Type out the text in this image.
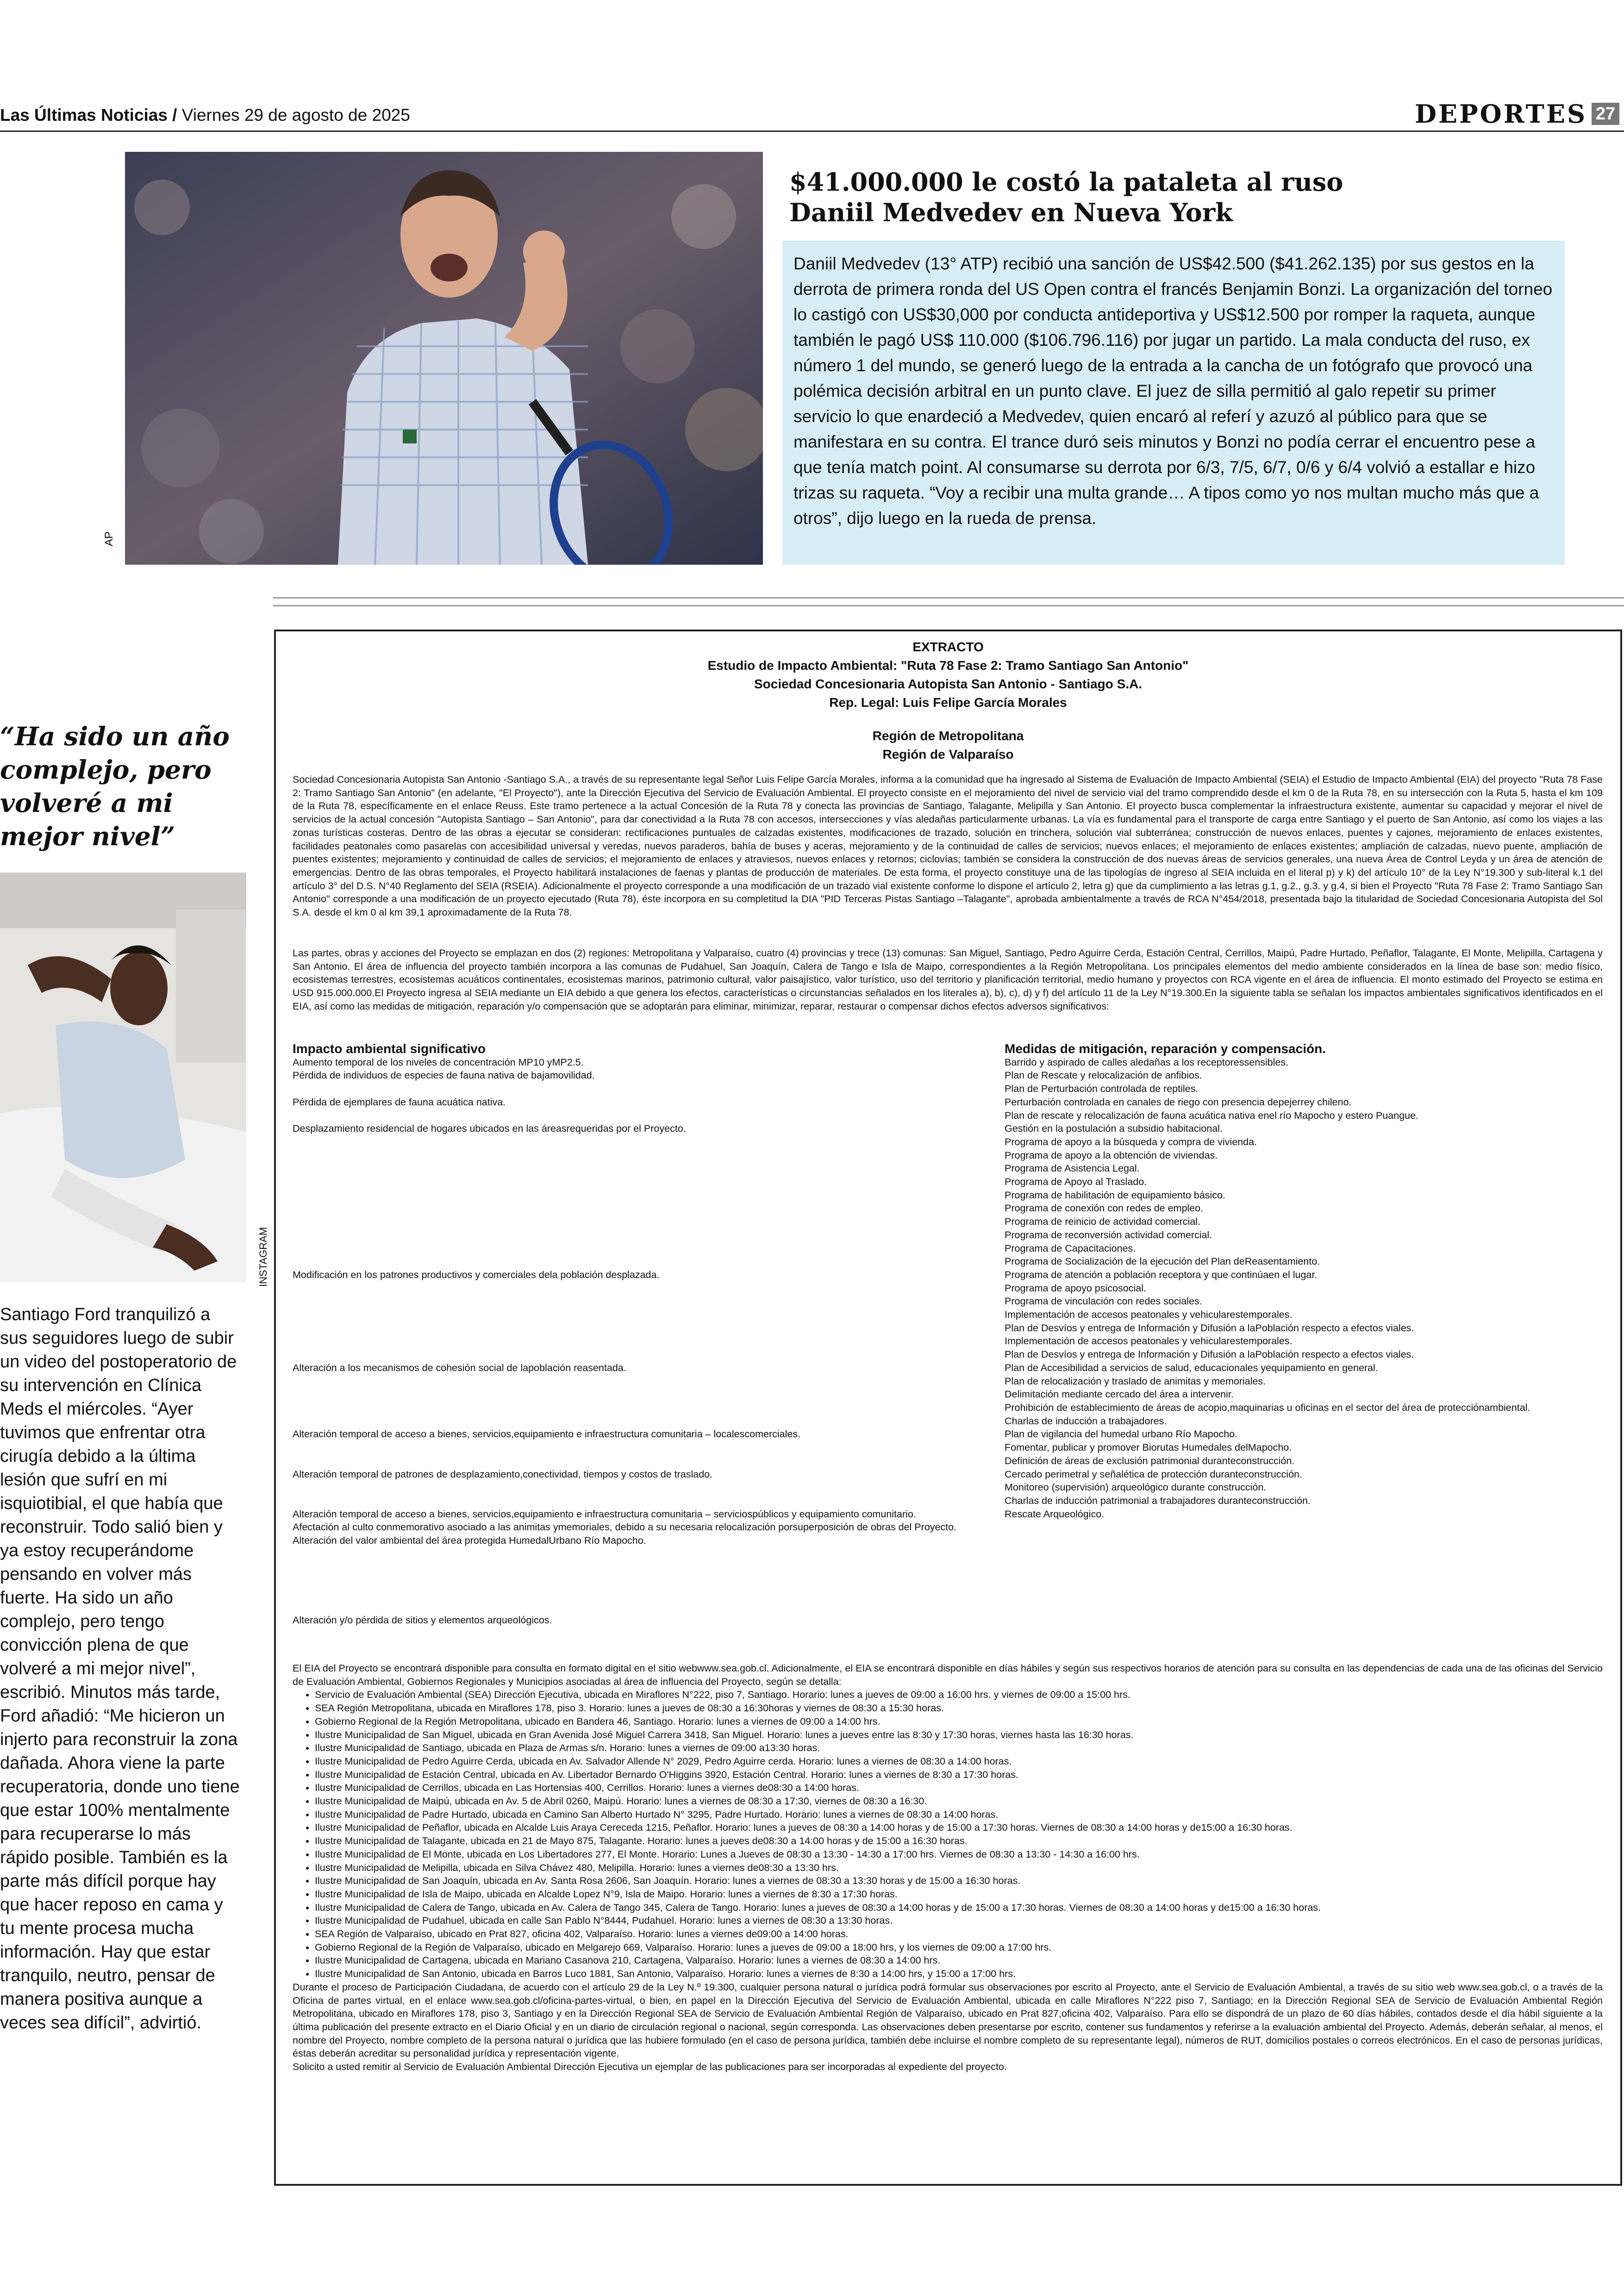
Las Últimas Noticias / Viernes 29 de agosto de 2025	DEPORTES 27
AP
$41.000.000 le costó la pataleta al ruso
Daniil Medvedev en Nueva York

Daniil Medvedev (13° ATP) recibió una sanción de US$42.500 ($41.262.135) por sus gestos en la derrota de primera ronda del US Open contra el francés Benjamin Bonzi. La organización del torneo lo castigó con US$30,000 por conducta antideportiva y US$12.500 por romper la raqueta, aunque también le pagó US$ 110.000 ($106.796.116) por jugar un partido. La mala conducta del ruso, ex número 1 del mundo, se generó luego de la entrada a la cancha de un fotógrafo que provocó una polémica decisión arbitral en un punto clave. El juez de silla permitió al galo repetir su primer servicio lo que enardeció a Medvedev, quien encaró al referí y azuzó al público para que se manifestara en su contra. El trance duró seis minutos y Bonzi no podía cerrar el encuentro pese a que tenía match point. Al consumarse su derrota por 6/3, 7/5, 6/7, 0/6 y 6/4 volvió a estallar e hizo trizas su raqueta. “Voy a recibir una multa grande… A tipos como yo nos multan mucho más que a otros”, dijo luego en la rueda de prensa.

“Ha sido un año complejo, pero volveré a mi mejor nivel”
INSTAGRAM
Santiago Ford tranquilizó a sus seguidores luego de subir un video del postoperatorio de su intervención en Clínica Meds el miércoles. “Ayer tuvimos que enfrentar otra cirugía debido a la última lesión que sufrí en mi isquiotibial, el que había que reconstruir. Todo salió bien y ya estoy recuperándome pensando en volver más fuerte. Ha sido un año complejo, pero tengo convicción plena de que volveré a mi mejor nivel”, escribió. Minutos más tarde, Ford añadió: “Me hicieron un injerto para reconstruir la zona dañada. Ahora viene la parte recuperatoria, donde uno tiene que estar 100% mentalmente para recuperarse lo más rápido posible. También es la parte más difícil porque hay que hacer reposo en cama y tu mente procesa mucha información. Hay que estar tranquilo, neutro, pensar de manera positiva aunque a veces sea difícil”, advirtió.
EXTRACTO
Estudio de Impacto Ambiental: "Ruta 78 Fase 2: Tramo Santiago San Antonio"
Sociedad Concesionaria Autopista San Antonio - Santiago S.A.
Rep. Legal: Luis Felipe García Morales
Región de Metropolitana
Región de Valparaíso
Sociedad Concesionaria Autopista San Antonio -Santiago S.A., a través de su representante legal Señor Luis Felipe García Morales, informa a la comunidad que ha ingresado al Sistema de Evaluación de Impacto Ambiental (SEIA) el Estudio de Impacto Ambiental (EIA) del proyecto "Ruta 78 Fase 2: Tramo Santiago San Antonio" (en adelante, "El Proyecto"), ante la Dirección Ejecutiva del Servicio de Evaluación Ambiental. El proyecto consiste en el mejoramiento del nivel de servicio vial del tramo comprendido desde el km 0 de la Ruta 78, en su intersección con la Ruta 5, hasta el km 109 de la Ruta 78, específicamente en el enlace Reuss. Este tramo pertenece a la actual Concesión de la Ruta 78 y conecta las provincias de Santiago, Talagante, Melipilla y San Antonio. El proyecto busca complementar la infraestructura existente, aumentar su capacidad y mejorar el nivel de servicios de la actual concesión "Autopista Santiago – San Antonio", para dar conectividad a la Ruta 78 con accesos, intersecciones y vías aledañas particularmente urbanas. La vía es fundamental para el transporte de carga entre Santiago y el puerto de San Antonio, así como los viajes a las zonas turísticas costeras. Dentro de las obras a ejecutar se consideran: rectificaciones puntuales de calzadas existentes, modificaciones de trazado, solución en trinchera, solución vial subterránea; construcción de nuevos enlaces, puentes y cajones, mejoramiento de enlaces existentes, facilidades peatonales como pasarelas con accesibilidad universal y veredas, nuevos paraderos, bahía de buses y aceras, mejoramiento y de la continuidad de calles de servicios; nuevos enlaces; el mejoramiento de enlaces existentes; ampliación de calzadas, nuevo puente, ampliación de puentes existentes; mejoramiento y continuidad de calles de servicios; el mejoramiento de enlaces y atraviesos, nuevos enlaces y retornos; ciclovías; también se considera la construcción de dos nuevas áreas de servicios generales, una nueva Área de Control Leyda y un área de atención de emergencias. Dentro de las obras temporales, el Proyecto habilitará instalaciones de faenas y plantas de producción de materiales. De esta forma, el proyecto constituye una de las tipologías de ingreso al SEIA incluida en el literal p) y k) del artículo 10° de la Ley N°19.300 y sub-literal k.1 del artículo 3° del D.S. N°40 Reglamento del SEIA (RSEIA). Adicionalmente el proyecto corresponde a una modificación de un trazado vial existente conforme lo dispone el artículo 2, letra g) que da cumplimiento a las letras g.1, g.2., g.3. y g.4, si bien el Proyecto "Ruta 78 Fase 2: Tramo Santiago San Antonio" corresponde a una modificación de un proyecto ejecutado (Ruta 78), éste incorpora en su completitud la DIA "PID Terceras Pistas Santiago –Talagante", aprobada ambientalmente a través de RCA N°454/2018, presentada bajo la titularidad de Sociedad Concesionaria Autopista del Sol S.A. desde el km 0 al km 39,1 aproximadamente de la Ruta 78.
Las partes, obras y acciones del Proyecto se emplazan en dos (2) regiones: Metropolitana y Valparaíso, cuatro (4) provincias y trece (13) comunas: San Miguel, Santiago, Pedro Aguirre Cerda, Estación Central, Cerrillos, Maipú, Padre Hurtado, Peñaflor, Talagante, El Monte, Melipilla, Cartagena y San Antonio. El área de influencia del proyecto también incorpora a las comunas de Pudahuel, San Joaquín, Calera de Tango e Isla de Maipo, correspondientes a la Región Metropolitana. Los principales elementos del medio ambiente considerados en la línea de base son: medio físico, ecosistemas terrestres, ecosistemas acuáticos continentales, ecosistemas marinos, patrimonio cultural, valor paisajístico, valor turístico, uso del territorio y planificación territorial, medio humano y proyectos con RCA vigente en el área de influencia. El monto estimado del Proyecto se estima en USD 915.000.000.El Proyecto ingresa al SEIA mediante un EIA debido a que genera los efectos, características o circunstancias señalados en los literales a), b), c), d) y f) del artículo 11 de la Ley N°19.300.En la siguiente tabla se señalan los impactos ambientales significativos identificados en el EIA, así como las medidas de mitigación, reparación y/o compensación que se adoptarán para eliminar, minimizar, reparar, restaurar o compensar dichos efectos adversos significativos:
Impacto ambiental significativo
Aumento temporal de los niveles de concentración MP10 yMP2.5.
Pérdida de individuos de especies de fauna nativa de bajamovilidad.

Pérdida de ejemplares de fauna acuática nativa.

Desplazamiento residencial de hogares ubicados en las áreasrequeridas por el Proyecto.

Modificación en los patrones productivos y comerciales dela población desplazada.

Alteración a los mecanismos de cohesión social de lapoblación reasentada.

Alteración temporal de acceso a bienes, servicios,equipamiento e infraestructura comunitaria – localescomerciales.

Alteración temporal de patrones de desplazamiento,conectividad, tiempos y costos de traslado.

Alteración temporal de acceso a bienes, servicios,equipamiento e infraestructura comunitaria – serviciospúblicos y equipamiento comunitario.
Afectación al culto conmemorativo asociado a las animitas ymemoriales, debido a su necesaria relocalización porsuperposición de obras del Proyecto.
Alteración del valor ambiental del área protegida HumedalUrbano Río Mapocho.

Alteración y/o pérdida de sitios y elementos arqueológicos.
Medidas de mitigación, reparación y compensación.
Barrido y aspirado de calles aledañas a los receptoressensibles.
Plan de Rescate y relocalización de anfibios.
Plan de Perturbación controlada de reptiles.
Perturbación controlada en canales de riego con presencia depejerrey chileno.
Plan de rescate y relocalización de fauna acuática nativa enel río Mapocho y estero Puangue.
Gestión en la postulación a subsidio habitacional.
Programa de apoyo a la búsqueda y compra de vivienda.
Programa de apoyo a la obtención de viviendas.
Programa de Asistencia Legal.
Programa de Apoyo al Traslado.
Programa de habilitación de equipamiento básico.
Programa de conexión con redes de empleo.
Programa de reinicio de actividad comercial.
Programa de reconversión actividad comercial.
Programa de Capacitaciones.
Programa de Socialización de la ejecución del Plan deReasentamiento.
Programa de atención a población receptora y que continúaen el lugar.
Programa de apoyo psicosocial.
Programa de vinculación con redes sociales.
Implementación de accesos peatonales y vehicularestemporales.
Plan de Desvíos y entrega de Información y Difusión a laPoblación respecto a efectos viales.
Implementación de accesos peatonales y vehicularestemporales.
Plan de Desvíos y entrega de Información y Difusión a laPoblación respecto a efectos viales.
Plan de Accesibilidad a servicios de salud, educacionales yequipamiento en general.
Plan de relocalización y traslado de animitas y memoriales.
Delimitación mediante cercado del área a intervenir.
Prohibición de establecimiento de áreas de acopio,maquinarias u oficinas en el sector del área de protecciónambiental.
Charlas de inducción a trabajadores.
Plan de vigilancia del humedal urbano Río Mapocho.
Fomentar, publicar y promover Biorutas Humedales delMapocho.
Definición de áreas de exclusión patrimonial duranteconstrucción.
Cercado perimetral y señalética de protección duranteconstrucción.
Monitoreo (supervisión) arqueológico durante construcción.
Charlas de inducción patrimonial a trabajadores duranteconstrucción.
Rescate Arqueológico.
El EIA del Proyecto se encontrará disponible para consulta en formato digital en el sitio webwww.sea.gob.cl. Adicionalmente, el EIA se encontrará disponible en días hábiles y según sus respectivos horarios de atención para su consulta en las dependencias de cada una de las oficinas del Servicio de Evaluación Ambiental, Gobiernos Regionales y Municipios asociadas al área de influencia del Proyecto, según se detalla:
• Servicio de Evaluación Ambiental (SEA) Dirección Ejecutiva, ubicada en Miraflores N°222, piso 7, Santiago. Horario: lunes a jueves de 09:00 a 16:00 hrs. y viernes de 09:00 a 15:00 hrs.
• SEA Región Metropolitana, ubicada en Miraflores 178, piso 3. Horario: lunes a jueves de 08:30 a 16:30horas y viernes de 08:30 a 15:30 horas.
• Gobierno Regional de la Región Metropolitana, ubicado en Bandera 46, Santiago. Horario: lunes a viernes de 09:00 a 14:00 hrs.
• Ilustre Municipalidad de San Miguel, ubicada en Gran Avenida José Miguel Carrera 3418, San Miguel. Horario: lunes a jueves entre las 8:30 y 17:30 horas, viernes hasta las 16:30 horas.
• Ilustre Municipalidad de Santiago, ubicada en Plaza de Armas s/n. Horario: lunes a viernes de 09:00 a13:30 horas.
• Ilustre Municipalidad de Pedro Aguirre Cerda, ubicada en Av. Salvador Allende N° 2029, Pedro Aguirre cerda. Horario: lunes a viernes de 08:30 a 14:00 horas.
• Ilustre Municipalidad de Estación Central, ubicada en Av. Libertador Bernardo O'Higgins 3920, Estación Central. Horario: lunes a viernes de 8:30 a 17:30 horas.
• Ilustre Municipalidad de Cerrillos, ubicada en Las Hortensias 400, Cerrillos. Horario: lunes a viernes de08:30 a 14:00 horas.
• Ilustre Municipalidad de Maipú, ubicada en Av. 5 de Abril 0260, Maipú. Horario: lunes a viernes de 08:30 a 17:30, viernes de 08:30 a 16:30.
• Ilustre Municipalidad de Padre Hurtado, ubicada en Camino San Alberto Hurtado N° 3295, Padre Hurtado. Horario: lunes a viernes de 08:30 a 14:00 horas.
• Ilustre Municipalidad de Peñaflor, ubicada en Alcalde Luis Araya Cereceda 1215, Peñaflor. Horario: lunes a jueves de 08:30 a 14:00 horas y de 15:00 a 17:30 horas. Viernes de 08:30 a 14:00 horas y de15:00 a 16:30 horas.
• Ilustre Municipalidad de Talagante, ubicada en 21 de Mayo 875, Talagante. Horario: lunes a jueves de08:30 a 14:00 horas y de 15:00 a 16:30 horas.
• Ilustre Municipalidad de El Monte, ubicada en Los Libertadores 277, El Monte. Horario: Lunes a Jueves de 08:30 a 13:30 - 14:30 a 17:00 hrs. Viernes de 08:30 a 13:30 - 14:30 a 16:00 hrs.
• Ilustre Municipalidad de Melipilla, ubicada en Silva Chávez 480, Melipilla. Horario: lunes a viernes de08:30 a 13:30 hrs.
• Ilustre Municipalidad de San Joaquín, ubicada en Av. Santa Rosa 2606, San Joaquín. Horario: lunes a viernes de 08:30 a 13:30 horas y de 15:00 a 16:30 horas.
• Ilustre Municipalidad de Isla de Maipo, ubicada en Alcalde Lopez N°9, Isla de Maipo. Horario: lunes a viernes de 8:30 a 17:30 horas.
• Ilustre Municipalidad de Calera de Tango, ubicada en Av. Calera de Tango 345, Calera de Tango. Horario: lunes a jueves de 08:30 a 14:00 horas y de 15:00 a 17:30 horas. Viernes de 08:30 a 14:00 horas y de15:00 a 16:30 horas.
• Ilustre Municipalidad de Pudahuel, ubicada en calle San Pablo N°8444, Pudahuel. Horario: lunes a viernes de 08:30 a 13:30 horas.
• SEA Región de Valparaíso, ubicado en Prat 827, oficina 402, Valparaíso. Horario: lunes a viernes de09:00 a 14:00 horas.
• Gobierno Regional de la Región de Valparaíso, ubicado en Melgarejo 669, Valparaíso. Horario: lunes a jueves de 09:00 a 18:00 hrs, y los viernes de 09:00 a 17:00 hrs.
• Ilustre Municipalidad de Cartagena, ubicada en Mariano Casanova 210, Cartagena, Valparaíso. Horario: lunes a viernes de 08:30 a 14:00 hrs.
• Ilustre Municipalidad de San Antonio, ubicada en Barros Luco 1881, San Antonio, Valparaíso. Horario: lunes a viernes de 8:30 a 14:00 hrs, y 15:00 a 17:00 hrs.
Durante el proceso de Participación Ciudadana, de acuerdo con el artículo 29 de la Ley N.º 19.300, cualquier persona natural o jurídica podrá formular sus observaciones por escrito al Proyecto, ante el Servicio de Evaluación Ambiental, a través de su sitio web www.sea.gob.cl, o a través de la Oficina de partes virtual, en el enlace www.sea.gob.cl/oficina-partes-virtual, o bien, en papel en la Dirección Ejecutiva del Servicio de Evaluación Ambiental, ubicada en calle Miraflores N°222 piso 7, Santiago; en la Dirección Regional SEA de Servicio de Evaluación Ambiental Región Metropolitana, ubicado en Miraflores 178, piso 3, Santiago y en la Dirección Regional SEA de Servicio de Evaluación Ambiental Región de Valparaíso, ubicado en Prat 827,oficina 402, Valparaíso. Para ello se dispondrá de un plazo de 60 días hábiles, contados desde el día hábil siguiente a la última publicación del presente extracto en el Diario Oficial y en un diario de circulación regional o nacional, según corresponda. Las observaciones deben presentarse por escrito, contener sus fundamentos y referirse a la evaluación ambiental del Proyecto. Además, deberán señalar, al menos, el nombre del Proyecto, nombre completo de la persona natural o jurídica que las hubiere formulado (en el caso de persona jurídica, también debe incluirse el nombre completo de su representante legal), números de RUT, domicilios postales o correos electrónicos. En el caso de personas jurídicas, éstas deberán acreditar su personalidad jurídica y representación vigente.
Solicito a usted remitir al Servicio de Evaluación Ambiental Dirección Ejecutiva un ejemplar de las publicaciones para ser incorporadas al expediente del proyecto.
